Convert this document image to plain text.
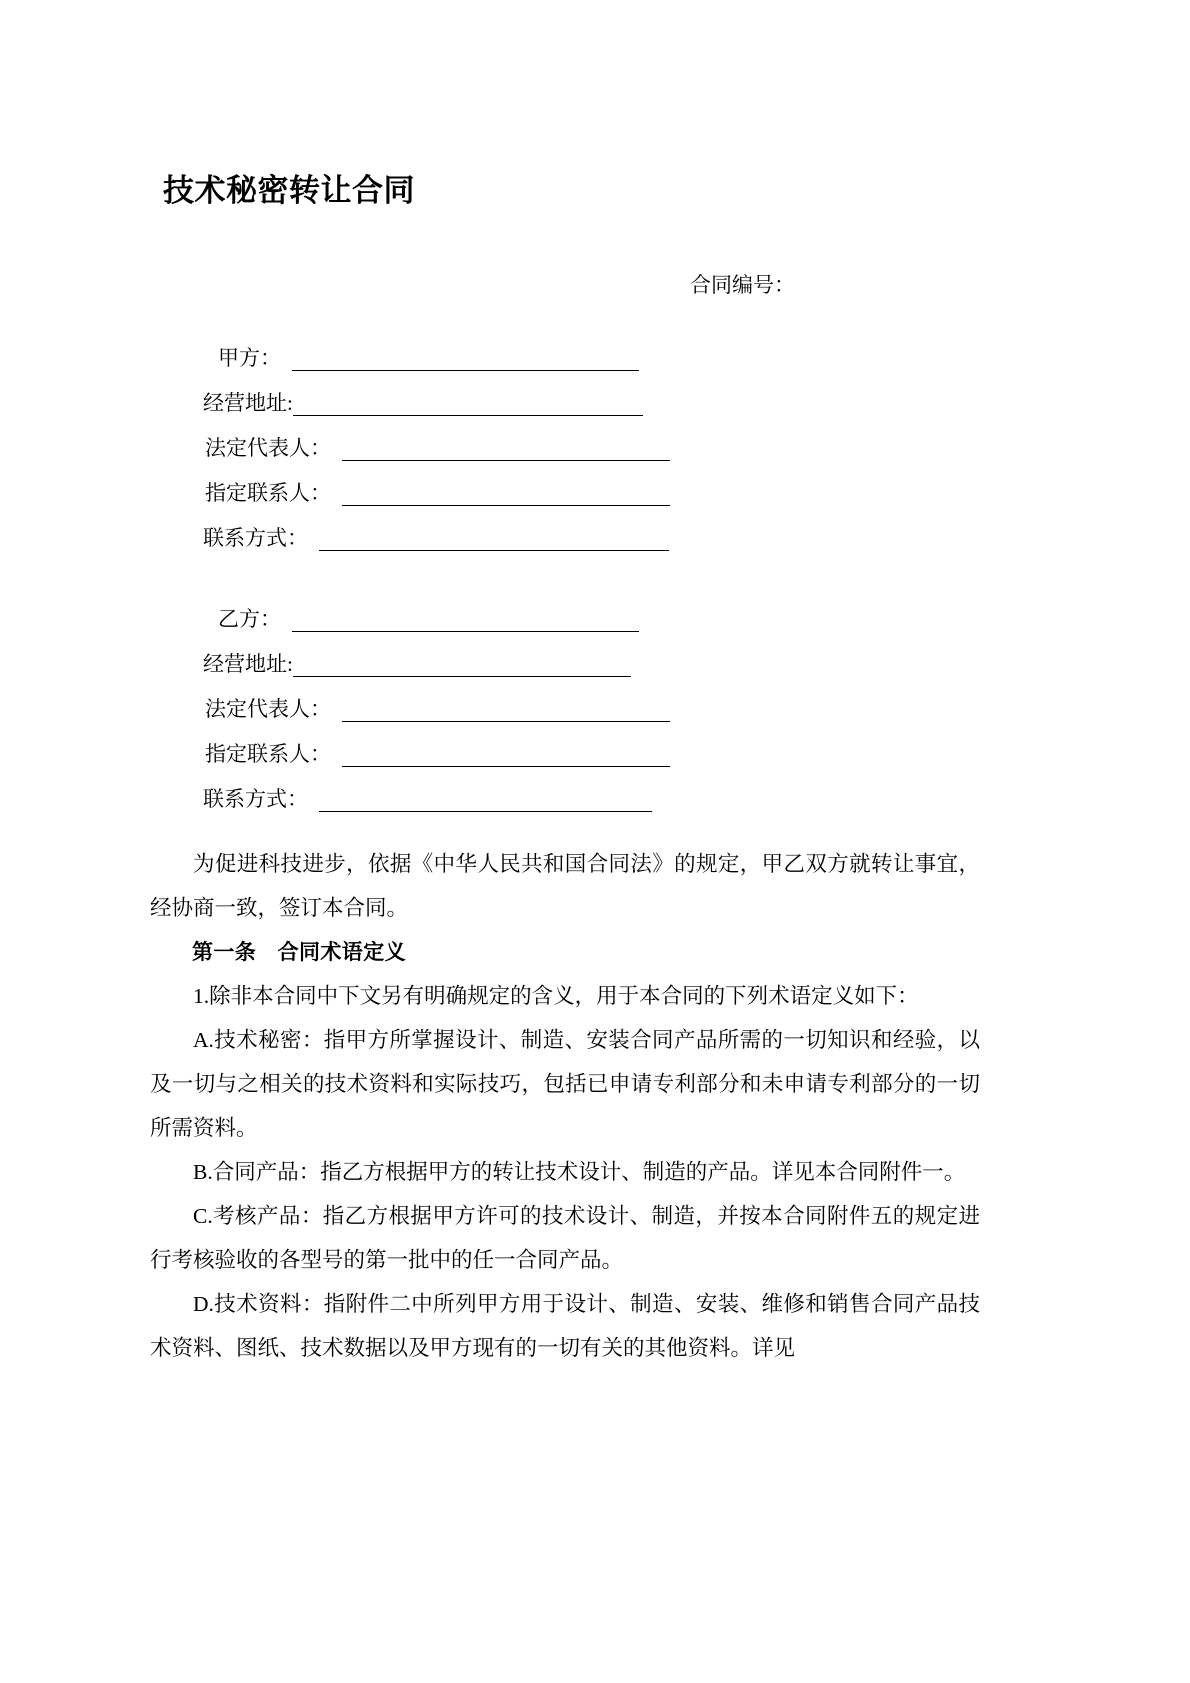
技术秘密转让合同
合同编号：
甲方：
经营地址:
法定代表人：
指定联系人：
联系方式：
乙方：
经营地址:
法定代表人：
指定联系人：
联系方式：

为促进科技进步，依据《中华人民共和国合同法》的规定，甲乙双方就转让事宜，经协商一致，签订本合同。

第一条　合同术语定义

1.除非本合同中下文另有明确规定的含义，用于本合同的下列术语定义如下：

A.技术秘密：指甲方所掌握设计、制造、安装合同产品所需的一切知识和经验，以及一切与之相关的技术资料和实际技巧，包括已申请专利部分和未申请专利部分的一切所需资料。

B.合同产品：指乙方根据甲方的转让技术设计、制造的产品。详见本合同附件一。

C.考核产品：指乙方根据甲方许可的技术设计、制造，并按本合同附件五的规定进行考核验收的各型号的第一批中的任一合同产品。

D.技术资料：指附件二中所列甲方用于设计、制造、安装、维修和销售合同产品技术资料、图纸、技术数据以及甲方现有的一切有关的其他资料。详见
